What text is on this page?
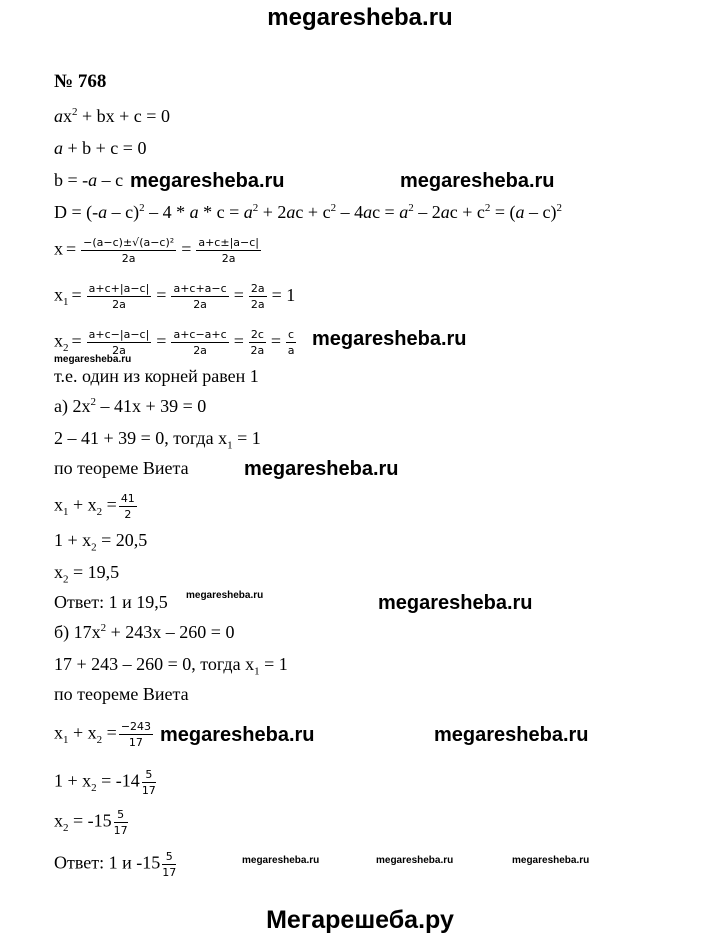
megaresheba.ru
№ 768
$ax^2$ + bx + c = 0
a + b + c = 0
b = -a – c
$D = (-a - c)^2 - 4 * a * c = a^2 + 2ac + c^2 - 4ac = a^2 - 2ac + c^2 = (a - c)^2$
$x = \frac{\text{−(a−c)±√(a−c)²}}{2a} = \frac{a+c\pm|a-c|}{2a}$
$x_1 = \frac{a+c+|a-c|}{2a} = \frac{a+c+a-c}{2a} = \frac{2a}{2a} = 1$
$x_2 = \frac{a+c-|a-c|}{2a} = \frac{a+c-a+c}{2a} = \frac{2c}{2a} = \frac{c}{a}$
т.е. один из корней равен 1
а) $2x^2 - 41x + 39 = 0$
2 – 41 + 39 = 0, тогда $x_1 = 1$
по теореме Виета
$x_1 + x_2 = \frac{41}{2}$
$1 + x_2 = 20,5$
$x_2 = 19,5$
Ответ: 1 и 19,5
б) $17x^2 + 243x - 260 = 0$
17 + 243 – 260 = 0, тогда $x_1 = 1$
по теореме Виета
$x_1 + x_2 = \frac{-243}{17}$
$1 + x_2 = -14 \frac{5}{17}$
$x_2 = -15 \frac{5}{17}$
Ответ: 1 и $-15 \frac{5}{17}$
megaresheba.ru	megaresheba.ru
megaresheba.ru
megaresheba.ru
megaresheba.ru
megaresheba.ru	megaresheba.ru
megaresheba.ru
megaresheba.ru
megaresheba.ru	megaresheba.ru	megaresheba.ru
Мегарешеба.ру
